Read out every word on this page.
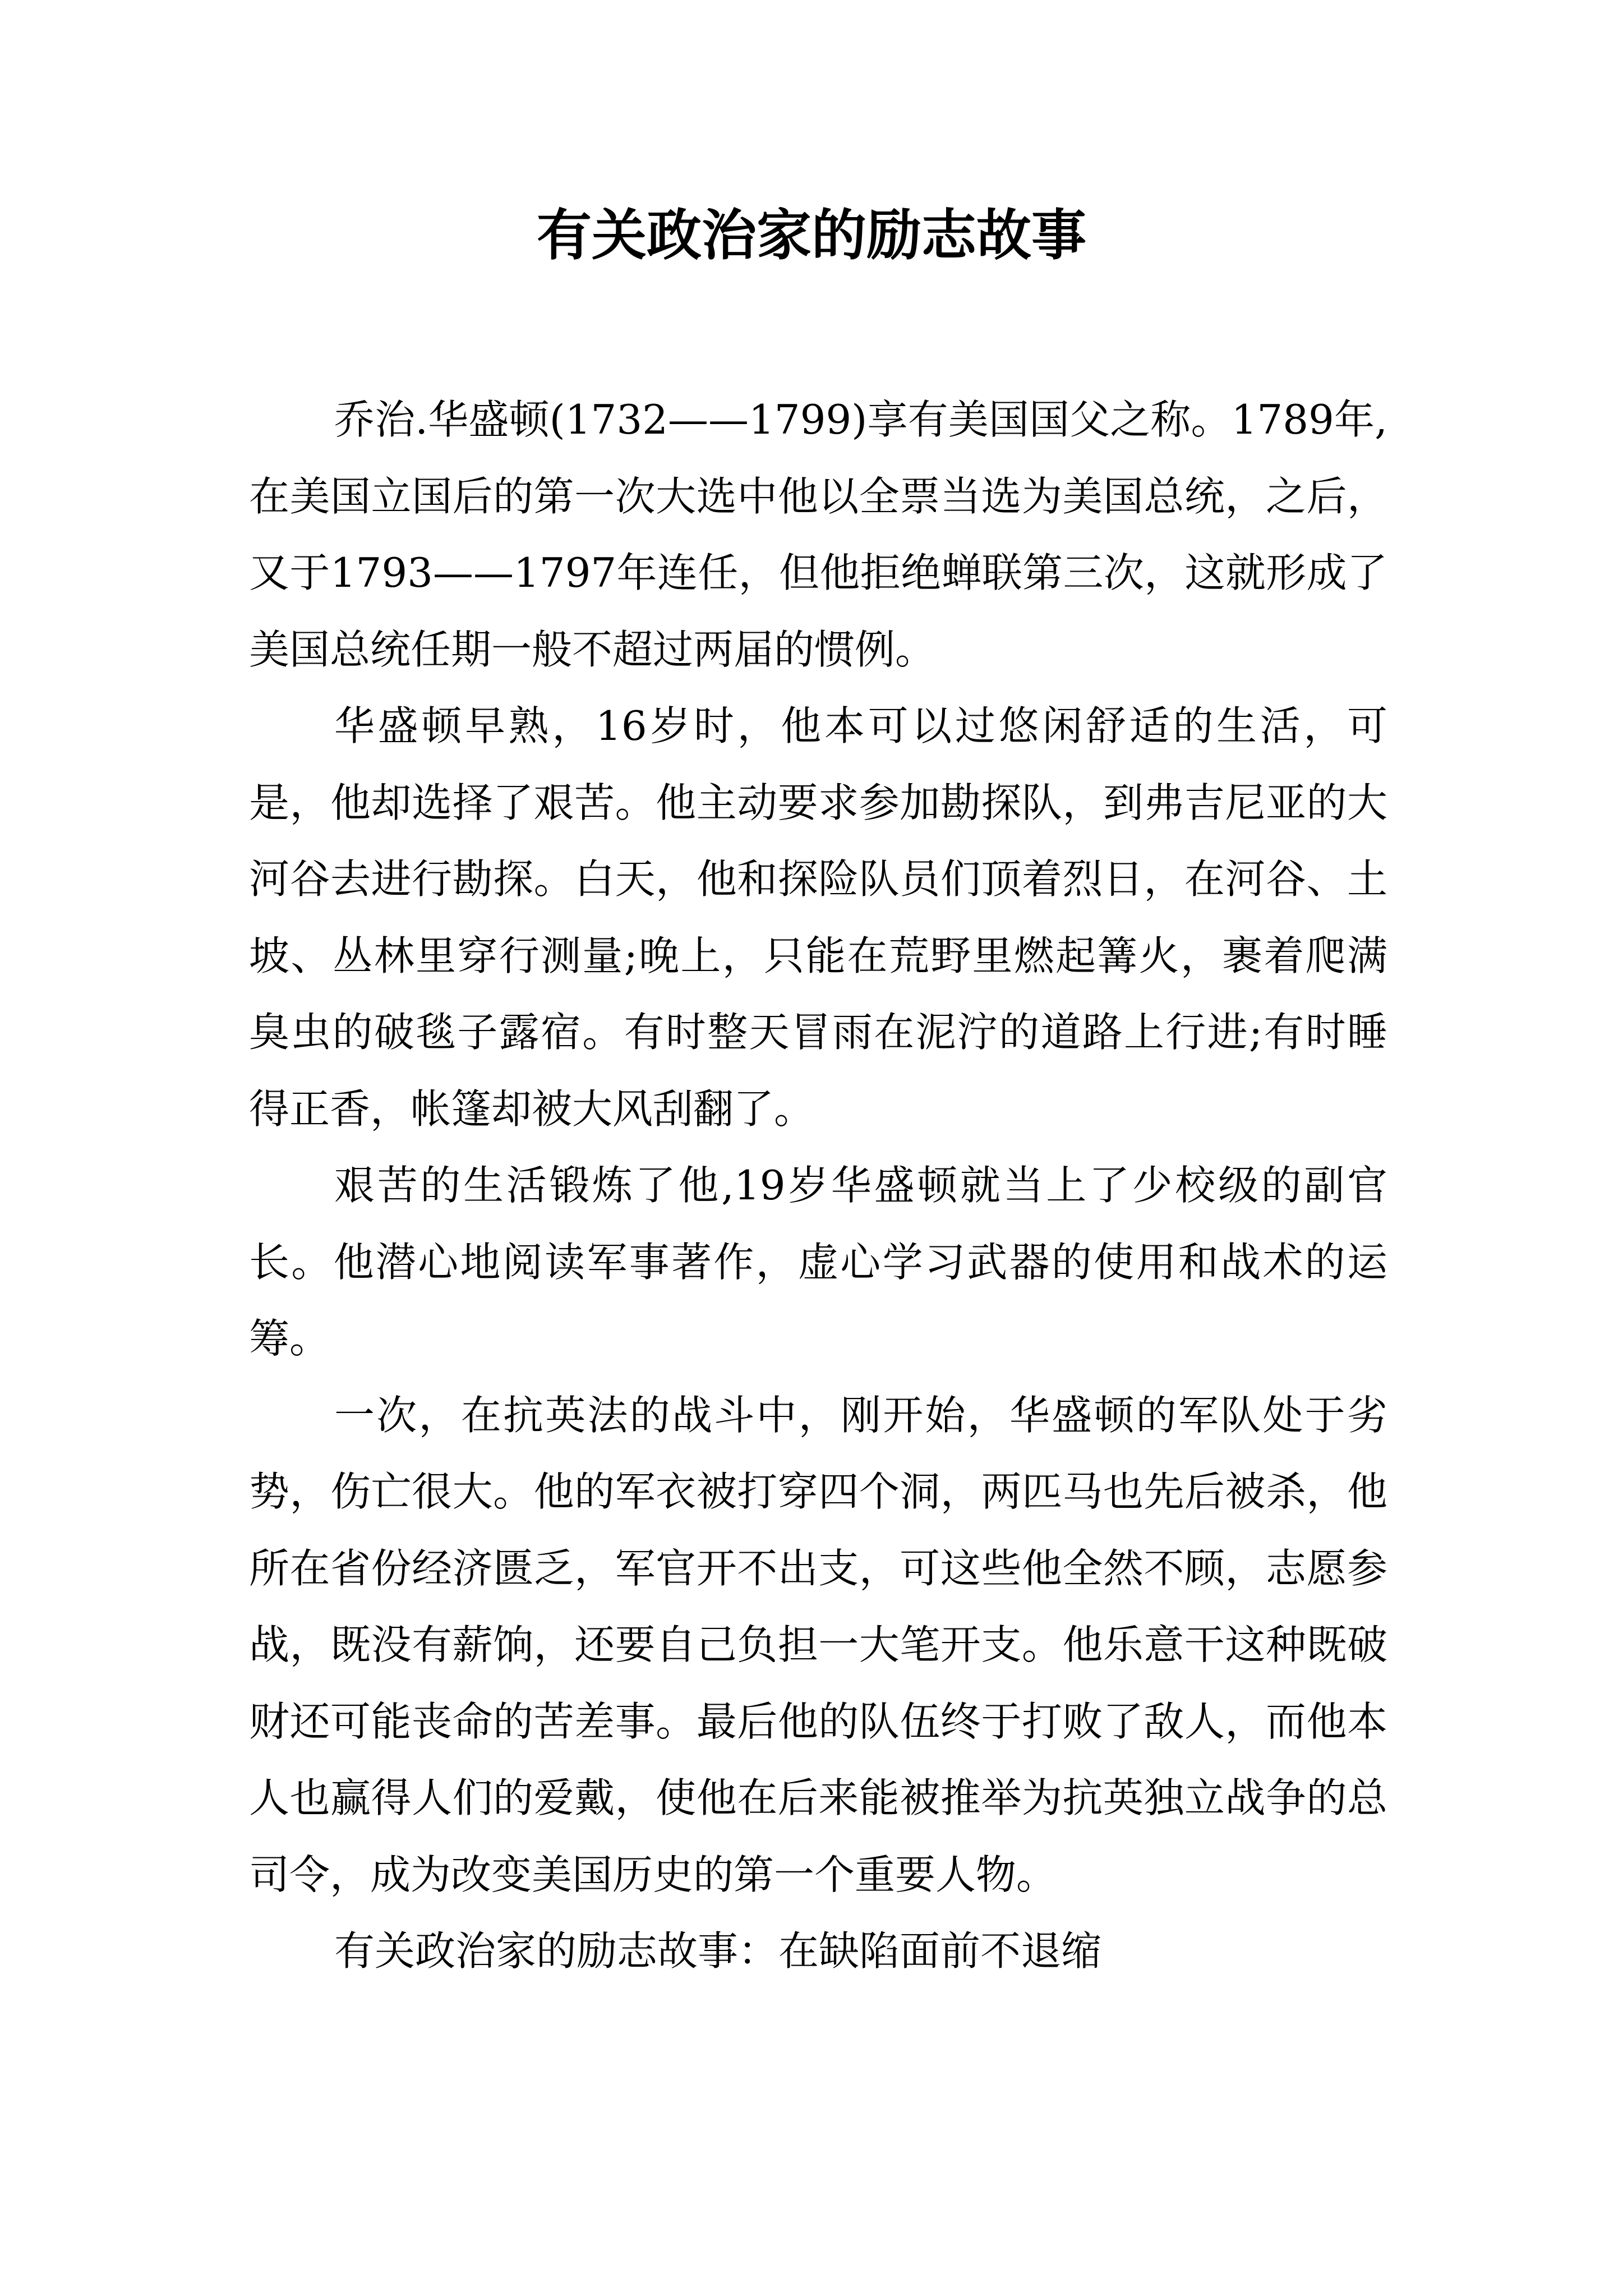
有关政治家的励志故事

乔治.华盛顿(1732——1799)享有美国国父之称。1789年,在美国立国后的第一次大选中他以全票当选为美国总统，之后，又于1793——1797年连任，但他拒绝蝉联第三次，这就形成了美国总统任期一般不超过两届的惯例。

华盛顿早熟，16岁时，他本可以过悠闲舒适的生活，可是，他却选择了艰苦。他主动要求参加勘探队，到弗吉尼亚的大河谷去进行勘探。白天，他和探险队员们顶着烈日，在河谷、土坡、丛林里穿行测量;晚上，只能在荒野里燃起篝火，裹着爬满臭虫的破毯子露宿。有时整天冒雨在泥泞的道路上行进;有时睡得正香，帐篷却被大风刮翻了。

艰苦的生活锻炼了他,19岁华盛顿就当上了少校级的副官长。他潜心地阅读军事著作，虚心学习武器的使用和战术的运筹。

一次，在抗英法的战斗中，刚开始，华盛顿的军队处于劣势，伤亡很大。他的军衣被打穿四个洞，两匹马也先后被杀，他所在省份经济匮乏，军官开不出支，可这些他全然不顾，志愿参战，既没有薪饷，还要自己负担一大笔开支。他乐意干这种既破财还可能丧命的苦差事。最后他的队伍终于打败了敌人，而他本人也赢得人们的爱戴，使他在后来能被推举为抗英独立战争的总司令，成为改变美国历史的第一个重要人物。

有关政治家的励志故事：在缺陷面前不退缩
